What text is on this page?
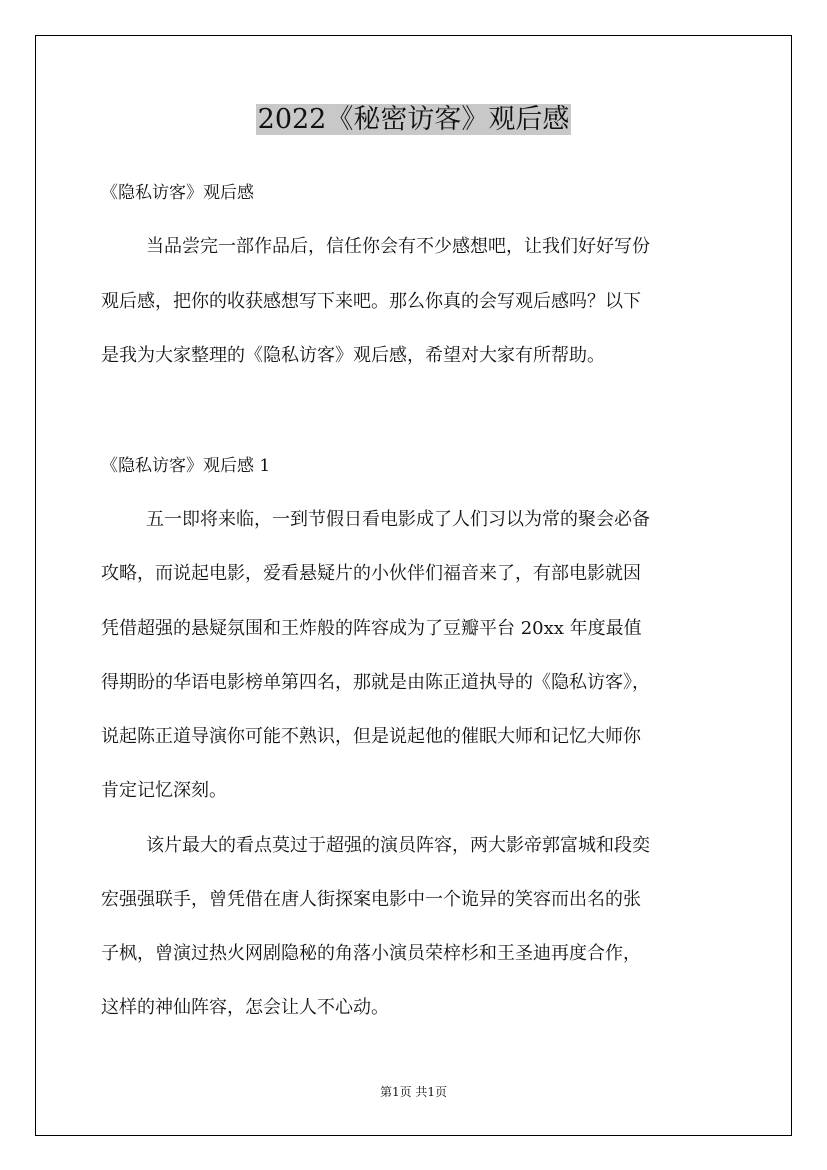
2022《秘密访客》观后感
《隐私访客》观后感
当品尝完一部作品后，信任你会有不少感想吧，让我们好好写份
观后感，把你的收获感想写下来吧。那么你真的会写观后感吗？以下
是我为大家整理的《隐私访客》观后感，希望对大家有所帮助。
《隐私访客》观后感 1
五一即将来临，一到节假日看电影成了人们习以为常的聚会必备
攻略，而说起电影，爱看悬疑片的小伙伴们福音来了，有部电影就因
凭借超强的悬疑氛围和王炸般的阵容成为了豆瓣平台 20xx 年度最值
得期盼的华语电影榜单第四名，那就是由陈正道执导的《隐私访客》，
说起陈正道导演你可能不熟识，但是说起他的催眠大师和记忆大师你
肯定记忆深刻。
该片最大的看点莫过于超强的演员阵容，两大影帝郭富城和段奕
宏强强联手，曾凭借在唐人街探案电影中一个诡异的笑容而出名的张
子枫，曾演过热火网剧隐秘的角落小演员荣梓杉和王圣迪再度合作，
这样的神仙阵容，怎会让人不心动。
第1页 共1页
